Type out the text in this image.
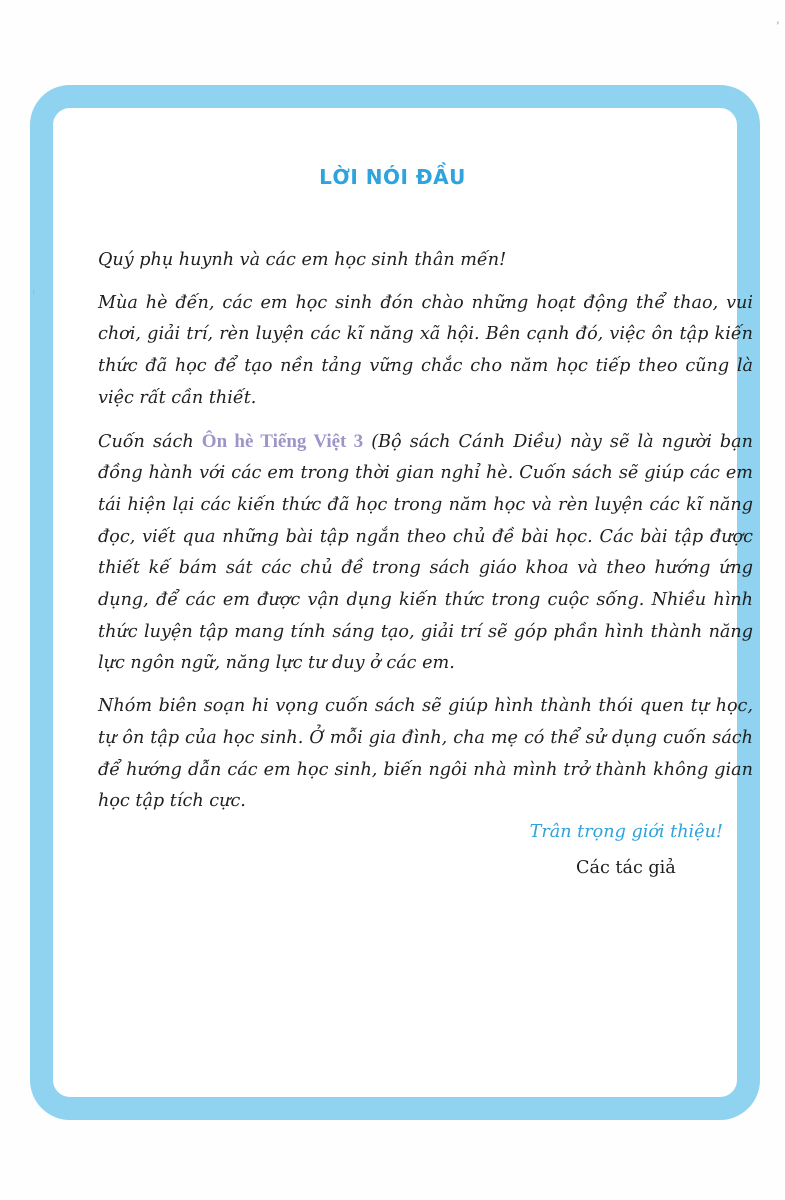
LỜI NÓI ĐẦU

Quý phụ huynh và các em học sinh thân mến!

Mùa hè đến, các em học sinh đón chào những hoạt động thể thao, vui chơi, giải trí, rèn luyện các kĩ năng xã hội. Bên cạnh đó, việc ôn tập kiến thức đã học để tạo nền tảng vững chắc cho năm học tiếp theo cũng là việc rất cần thiết.

Cuốn sách Ôn hè Tiếng Việt 3 (Bộ sách Cánh Diều) này sẽ là người bạn đồng hành với các em trong thời gian nghỉ hè. Cuốn sách sẽ giúp các em tái hiện lại các kiến thức đã học trong năm học và rèn luyện các kĩ năng đọc, viết qua những bài tập ngắn theo chủ đề bài học. Các bài tập được thiết kế bám sát các chủ đề trong sách giáo khoa và theo hướng ứng dụng, để các em được vận dụng kiến thức trong cuộc sống. Nhiều hình thức luyện tập mang tính sáng tạo, giải trí sẽ góp phần hình thành năng lực ngôn ngữ, năng lực tư duy ở các em.

Nhóm biên soạn hi vọng cuốn sách sẽ giúp hình thành thói quen tự học, tự ôn tập của học sinh. Ở mỗi gia đình, cha mẹ có thể sử dụng cuốn sách để hướng dẫn các em học sinh, biến ngôi nhà mình trở thành không gian học tập tích cực.

Trân trọng giới thiệu!
Các tác giả
,
'
